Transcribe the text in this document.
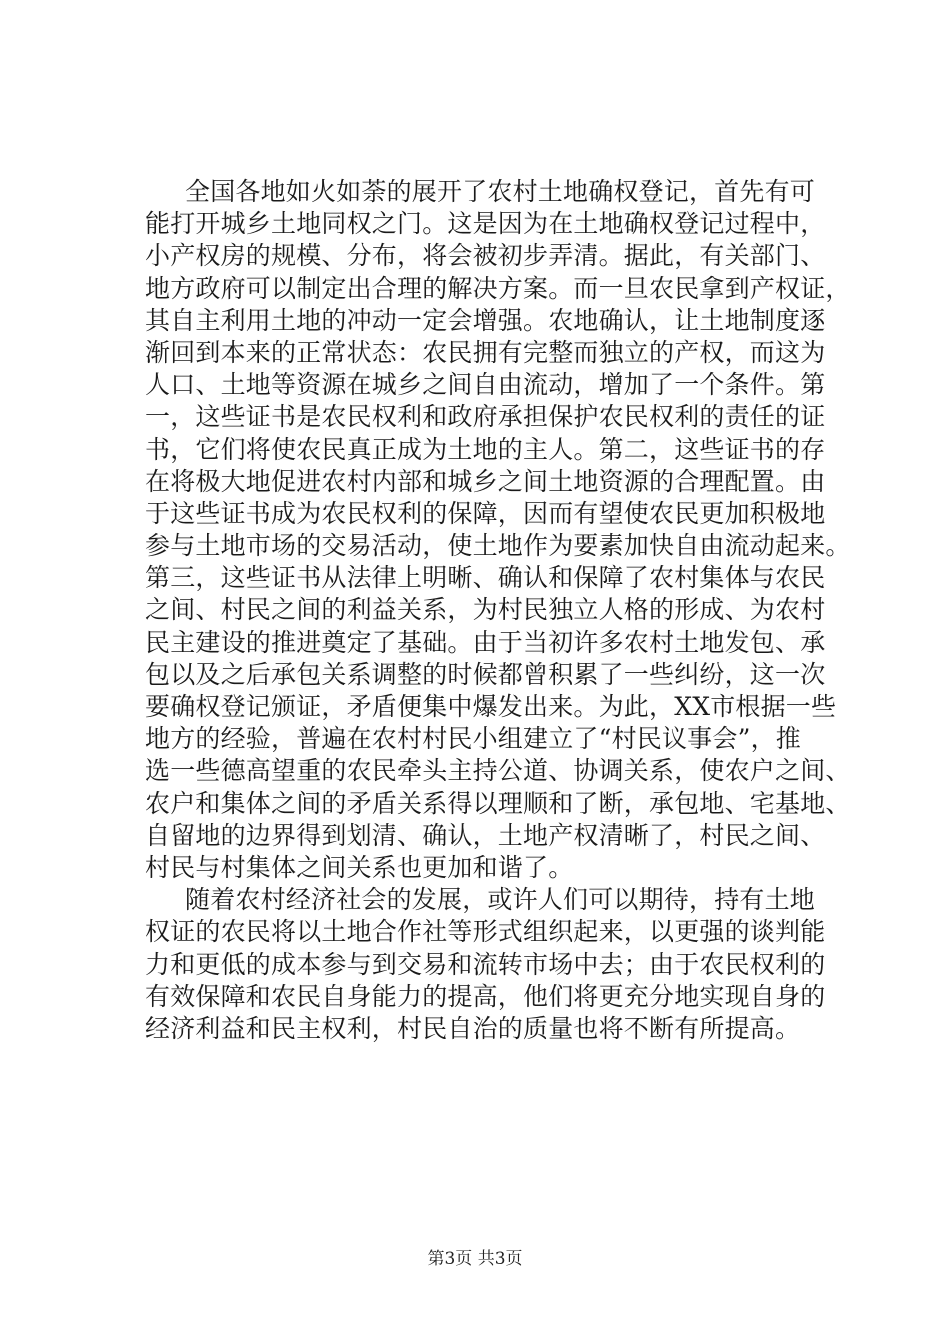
全国各地如火如荼的展开了农村土地确权登记，首先有可
能打开城乡土地同权之门。这是因为在土地确权登记过程中，
小产权房的规模、分布，将会被初步弄清。据此，有关部门、
地方政府可以制定出合理的解决方案。而一旦农民拿到产权证，
其自主利用土地的冲动一定会增强。农地确认，让土地制度逐
渐回到本来的正常状态：农民拥有完整而独立的产权，而这为
人口、土地等资源在城乡之间自由流动，增加了一个条件。第
一，这些证书是农民权利和政府承担保护农民权利的责任的证
书，它们将使农民真正成为土地的主人。第二，这些证书的存
在将极大地促进农村内部和城乡之间土地资源的合理配置。由
于这些证书成为农民权利的保障，因而有望使农民更加积极地
参与土地市场的交易活动，使土地作为要素加快自由流动起来。
第三，这些证书从法律上明晰、确认和保障了农村集体与农民
之间、村民之间的利益关系，为村民独立人格的形成、为农村
民主建设的推进奠定了基础。由于当初许多农村土地发包、承
包以及之后承包关系调整的时候都曾积累了一些纠纷，这一次
要确权登记颁证，矛盾便集中爆发出来。为此，XX市根据一些
地方的经验，普遍在农村村民小组建立了“村民议事会”，推
选一些德高望重的农民牵头主持公道、协调关系，使农户之间、
农户和集体之间的矛盾关系得以理顺和了断，承包地、宅基地、
自留地的边界得到划清、确认，土地产权清晰了，村民之间、
村民与村集体之间关系也更加和谐了。
随着农村经济社会的发展，或许人们可以期待，持有土地
权证的农民将以土地合作社等形式组织起来，以更强的谈判能
力和更低的成本参与到交易和流转市场中去；由于农民权利的
有效保障和农民自身能力的提高，他们将更充分地实现自身的
经济利益和民主权利，村民自治的质量也将不断有所提高。
第3页 共3页
